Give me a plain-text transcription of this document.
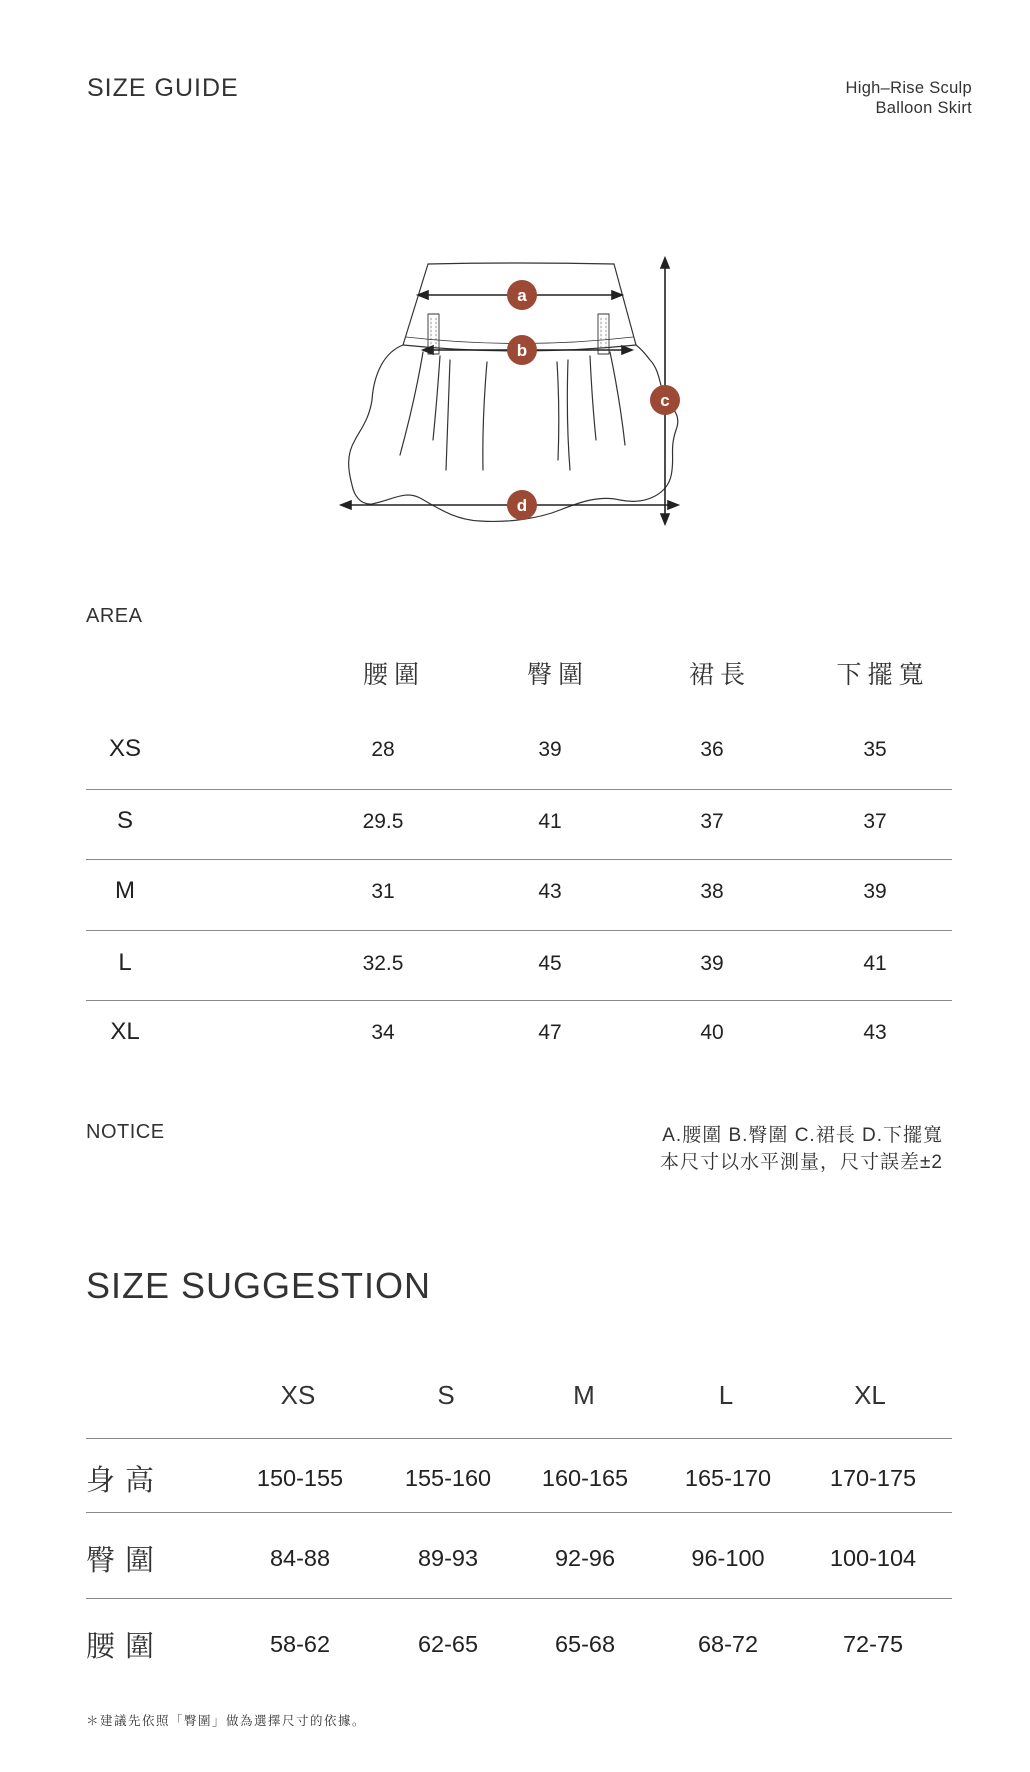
SIZE GUIDE	High–Rise Sculp
Balloon Skirt
a
b
c
d
AREA
腰圍	臀圍	裙長	下擺寬
XS	28	39	36	35
S	29.5	41	37	37
M	31	43	38	39
L	32.5	45	39	41
XL	34	47	40	43
NOTICE	A.腰圍 B.臀圍 C.裙長 D.下擺寬
本尺寸以水平測量，尺寸誤差±2
SIZE SUGGESTION
XS	S	M	L	XL
身高	150-155	155-160 160-165 165-170	170-175
臀圍	84-88	89-93	92-96	96-100	100-104
腰圍	58-62	62-65	65-68	68-72	72-75
＊建議先依照「臀圍」做為選擇尺寸的依據。
